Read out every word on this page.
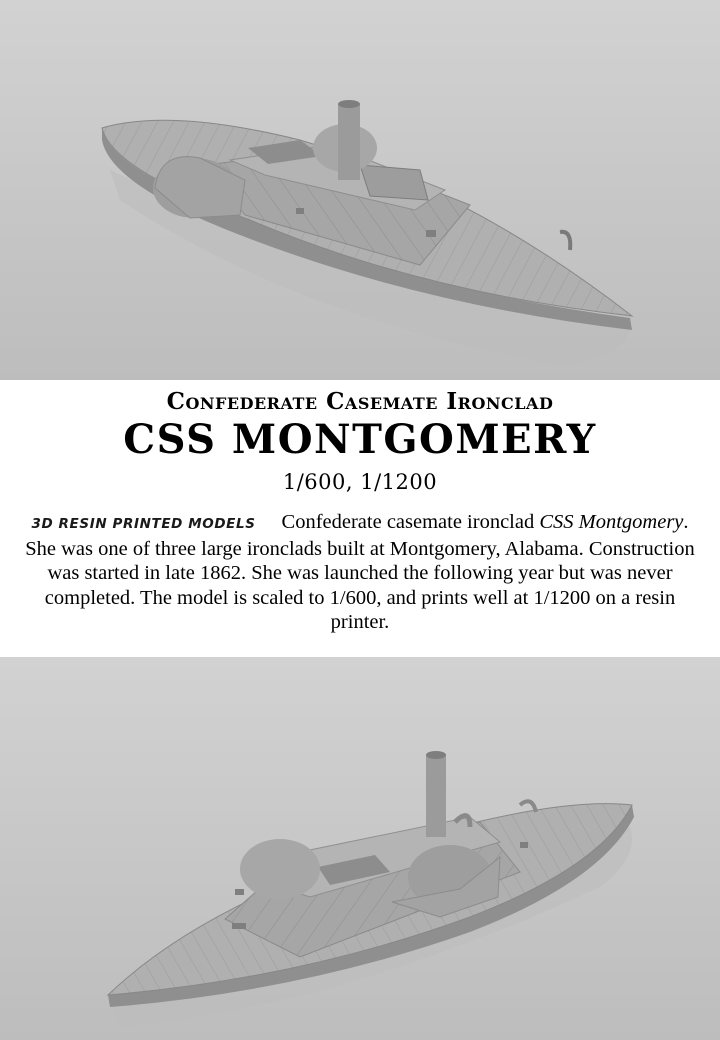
Confederate Casemate Ironclad
CSS MONTGOMERY
1/600, 1/1200
3D RESIN PRINTED MODELS Confederate casemate ironclad CSS Montgomery. She was one of three large ironclads built at Montgomery, Alabama. Construction was started in late 1862. She was launched the following year but was never completed. The model is scaled to 1/600, and prints well at 1/1200 on a resin printer.
